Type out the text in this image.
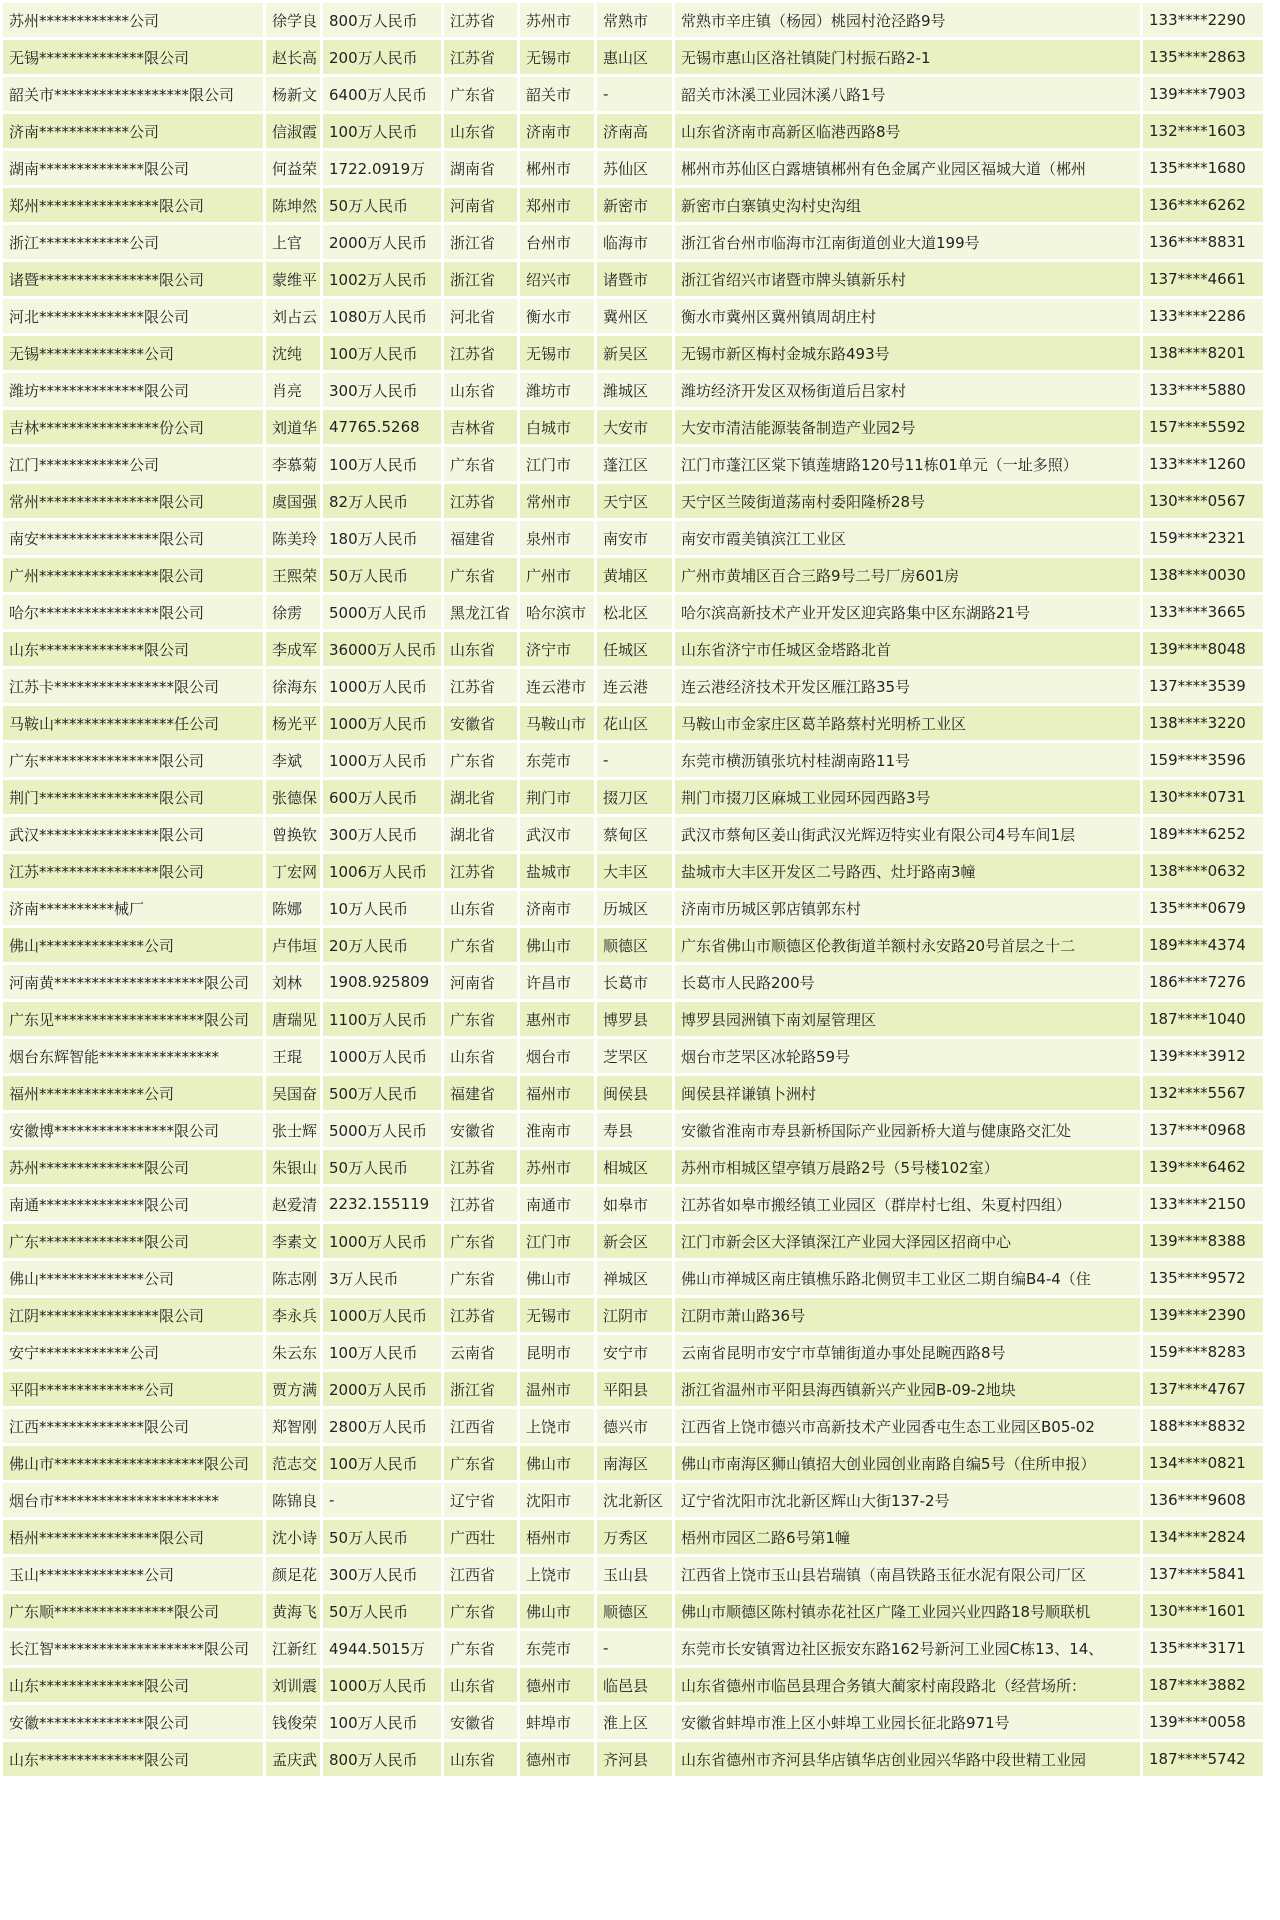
苏州************公司	徐学良	800万人民币	江苏省	苏州市	常熟市	常熟市辛庄镇（杨园）桃园村沧泾路9号	133****2290
无锡**************限公司	赵长高	200万人民币	江苏省	无锡市	惠山区	无锡市惠山区洛社镇陡门村振石路2-1	135****2863
韶关市******************限公司	杨新文	6400万人民币	广东省	韶关市	-	韶关市沐溪工业园沐溪八路1号	139****7903
济南************公司	信淑霞	100万人民币	山东省	济南市	济南高	山东省济南市高新区临港西路8号	132****1603
湖南**************限公司	何益荣	1722.0919万	湖南省	郴州市	苏仙区	郴州市苏仙区白露塘镇郴州有色金属产业园区福城大道（郴州	135****1680
郑州****************限公司	陈坤然	50万人民币	河南省	郑州市	新密市	新密市白寨镇史沟村史沟组	136****6262
浙江************公司	上官	2000万人民币	浙江省	台州市	临海市	浙江省台州市临海市江南街道创业大道199号	136****8831
诸暨****************限公司	蒙维平	1002万人民币	浙江省	绍兴市	诸暨市	浙江省绍兴市诸暨市牌头镇新乐村	137****4661
河北**************限公司	刘占云	1080万人民币	河北省	衡水市	冀州区	衡水市冀州区冀州镇周胡庄村	133****2286
无锡**************公司	沈纯	100万人民币	江苏省	无锡市	新吴区	无锡市新区梅村金城东路493号	138****8201
潍坊**************限公司	肖亮	300万人民币	山东省	潍坊市	潍城区	潍坊经济开发区双杨街道后吕家村	133****5880
吉林****************份公司	刘道华	47765.5268	吉林省	白城市	大安市	大安市清洁能源装备制造产业园2号	157****5592
江门************公司	李慕菊	100万人民币	广东省	江门市	蓬江区	江门市蓬江区棠下镇莲塘路120号11栋01单元（一址多照）	133****1260
常州****************限公司	虞国强	82万人民币	江苏省	常州市	天宁区	天宁区兰陵街道荡南村委阳隆桥28号	130****0567
南安****************限公司	陈美玲	180万人民币	福建省	泉州市	南安市	南安市霞美镇滨江工业区	159****2321
广州****************限公司	王熙荣	50万人民币	广东省	广州市	黄埔区	广州市黄埔区百合三路9号二号厂房601房	138****0030
哈尔****************限公司	徐雳	5000万人民币	黑龙江省	哈尔滨市	松北区	哈尔滨高新技术产业开发区迎宾路集中区东湖路21号	133****3665
山东**************限公司	李成军	36000万人民币	山东省	济宁市	任城区	山东省济宁市任城区金塔路北首	139****8048
江苏卡****************限公司	徐海东	1000万人民币	江苏省	连云港市	连云港	连云港经济技术开发区雁江路35号	137****3539
马鞍山****************任公司	杨光平	1000万人民币	安徽省	马鞍山市	花山区	马鞍山市金家庄区葛羊路蔡村光明桥工业区	138****3220
广东****************限公司	李斌	1000万人民币	广东省	东莞市	-	东莞市横沥镇张坑村桂湖南路11号	159****3596
荆门****************限公司	张德保	600万人民币	湖北省	荆门市	掇刀区	荆门市掇刀区麻城工业园环园西路3号	130****0731
武汉****************限公司	曾换钦	300万人民币	湖北省	武汉市	蔡甸区	武汉市蔡甸区姜山街武汉光辉迈特实业有限公司4号车间1层	189****6252
江苏****************限公司	丁宏网	1006万人民币	江苏省	盐城市	大丰区	盐城市大丰区开发区二号路西、灶圩路南3幢	138****0632
济南**********械厂	陈娜	10万人民币	山东省	济南市	历城区	济南市历城区郭店镇郭东村	135****0679
佛山**************公司	卢伟垣	20万人民币	广东省	佛山市	顺德区	广东省佛山市顺德区伦教街道羊额村永安路20号首层之十二	189****4374
河南黄********************限公司	刘林	1908.925809	河南省	许昌市	长葛市	长葛市人民路200号	186****7276
广东见********************限公司	唐瑞见	1100万人民币	广东省	惠州市	博罗县	博罗县园洲镇下南刘屋管理区	187****1040
烟台东辉智能****************	王琨	1000万人民币	山东省	烟台市	芝罘区	烟台市芝罘区冰轮路59号	139****3912
福州**************公司	吴国奋	500万人民币	福建省	福州市	闽侯县	闽侯县祥谦镇卜洲村	132****5567
安徽博****************限公司	张士辉	5000万人民币	安徽省	淮南市	寿县	安徽省淮南市寿县新桥国际产业园新桥大道与健康路交汇处	137****0968
苏州**************限公司	朱银山	50万人民币	江苏省	苏州市	相城区	苏州市相城区望亭镇万晨路2号（5号楼102室）	139****6462
南通**************限公司	赵爱清	2232.155119	江苏省	南通市	如皋市	江苏省如皋市搬经镇工业园区（群岸村七组、朱夏村四组）	133****2150
广东**************限公司	李素文	1000万人民币	广东省	江门市	新会区	江门市新会区大泽镇深江产业园大泽园区招商中心	139****8388
佛山**************公司	陈志刚	3万人民币	广东省	佛山市	禅城区	佛山市禅城区南庄镇樵乐路北侧贸丰工业区二期自编B4-4（住	135****9572
江阴****************限公司	李永兵	1000万人民币	江苏省	无锡市	江阴市	江阴市萧山路36号	139****2390
安宁************公司	朱云东	100万人民币	云南省	昆明市	安宁市	云南省昆明市安宁市草铺街道办事处昆畹西路8号	159****8283
平阳**************公司	贾方满	2000万人民币	浙江省	温州市	平阳县	浙江省温州市平阳县海西镇新兴产业园B-09-2地块	137****4767
江西**************限公司	郑智刚	2800万人民币	江西省	上饶市	德兴市	江西省上饶市德兴市高新技术产业园香屯生态工业园区B05-02	188****8832
佛山市********************限公司	范志交	100万人民币	广东省	佛山市	南海区	佛山市南海区狮山镇招大创业园创业南路自编5号（住所申报）	134****0821
烟台市**********************	陈锦良	-	辽宁省	沈阳市	沈北新区	辽宁省沈阳市沈北新区辉山大街137-2号	136****9608
梧州****************限公司	沈小诗	50万人民币	广西壮	梧州市	万秀区	梧州市园区二路6号第1幢	134****2824
玉山**************公司	颜足花	300万人民币	江西省	上饶市	玉山县	江西省上饶市玉山县岩瑞镇（南昌铁路玉征水泥有限公司厂区	137****5841
广东顺****************限公司	黄海飞	50万人民币	广东省	佛山市	顺德区	佛山市顺德区陈村镇赤花社区广隆工业园兴业四路18号顺联机	130****1601
长江智********************限公司	江新红	4944.5015万	广东省	东莞市	-	东莞市长安镇霄边社区振安东路162号新河工业园C栋13、14、	135****3171
山东**************限公司	刘训震	1000万人民币	山东省	德州市	临邑县	山东省德州市临邑县理合务镇大蔺家村南段路北（经营场所：	187****3882
安徽**************限公司	钱俊荣	100万人民币	安徽省	蚌埠市	淮上区	安徽省蚌埠市淮上区小蚌埠工业园长征北路971号	139****0058
山东**************限公司	孟庆武	800万人民币	山东省	德州市	齐河县	山东省德州市齐河县华店镇华店创业园兴华路中段世精工业园	187****5742
